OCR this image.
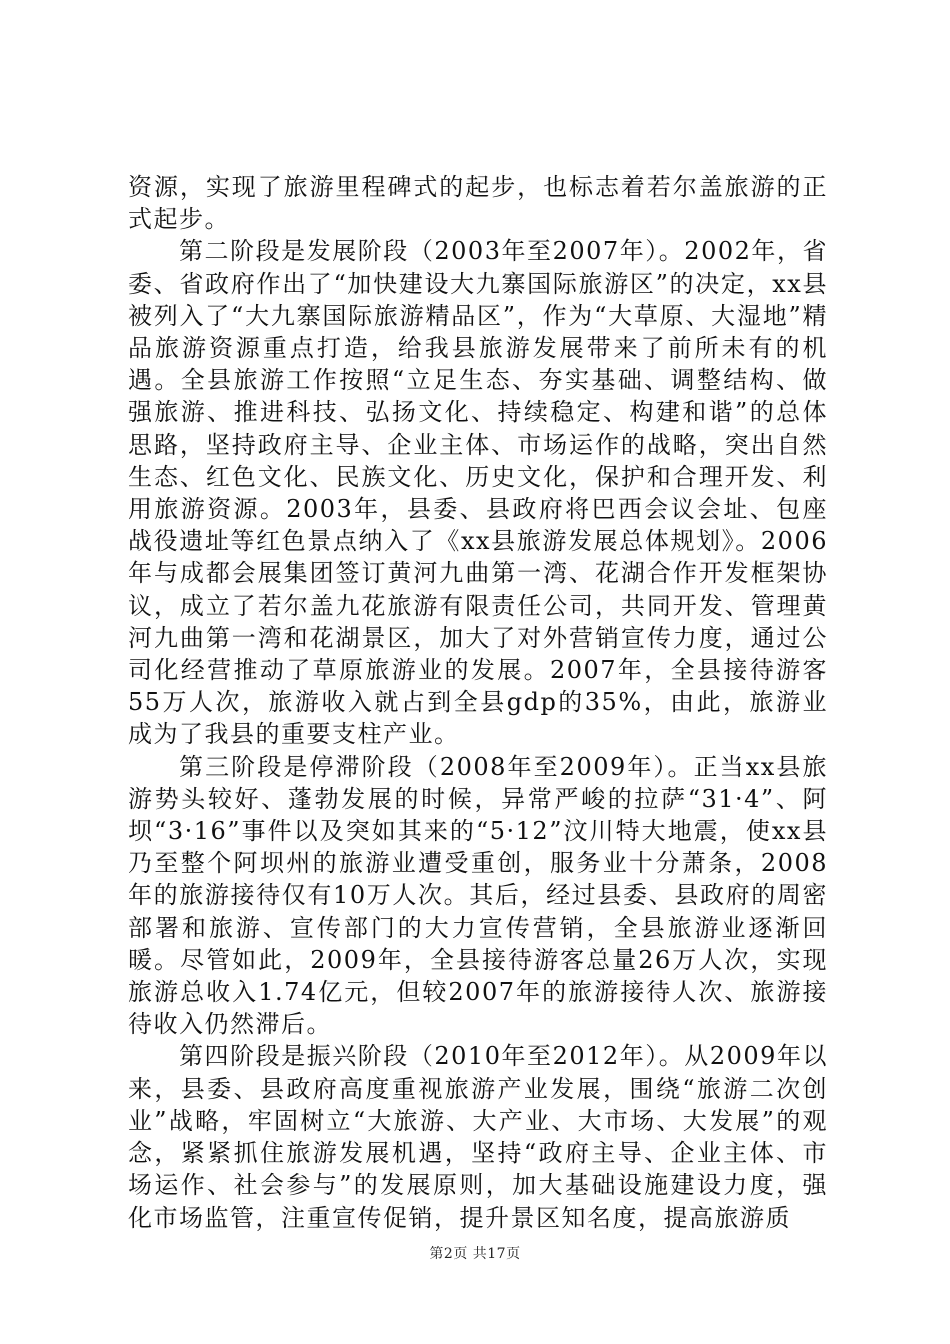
资源，实现了旅游里程碑式的起步，也标志着若尔盖旅游的正式起步。

第二阶段是发展阶段（2003年至2007年）。2002年，省委、省政府作出了“加快建设大九寨国际旅游区”的决定，xx县被列入了“大九寨国际旅游精品区”，作为“大草原、大湿地”精品旅游资源重点打造，给我县旅游发展带来了前所未有的机遇。全县旅游工作按照“立足生态、夯实基础、调整结构、做强旅游、推进科技、弘扬文化、持续稳定、构建和谐”的总体思路，坚持政府主导、企业主体、市场运作的战略，突出自然生态、红色文化、民族文化、历史文化，保护和合理开发、利用旅游资源。2003年，县委、县政府将巴西会议会址、包座战役遗址等红色景点纳入了《xx县旅游发展总体规划》。2006年与成都会展集团签订黄河九曲第一湾、花湖合作开发框架协议，成立了若尔盖九花旅游有限责任公司，共同开发、管理黄河九曲第一湾和花湖景区，加大了对外营销宣传力度，通过公司化经营推动了草原旅游业的发展。2007年，全县接待游客55万人次，旅游收入就占到全县gdp的35%，由此，旅游业成为了我县的重要支柱产业。

第三阶段是停滞阶段（2008年至2009年）。正当xx县旅游势头较好、蓬勃发展的时候，异常严峻的拉萨“31·4”、阿坝“3·16”事件以及突如其来的“5·12”汶川特大地震，使xx县乃至整个阿坝州的旅游业遭受重创，服务业十分萧条，2008年的旅游接待仅有10万人次。其后，经过县委、县政府的周密部署和旅游、宣传部门的大力宣传营销，全县旅游业逐渐回暖。尽管如此，2009年，全县接待游客总量26万人次，实现旅游总收入1.74亿元，但较2007年的旅游接待人次、旅游接待收入仍然滞后。

第四阶段是振兴阶段（2010年至2012年）。从2009年以来，县委、县政府高度重视旅游产业发展，围绕“旅游二次创业”战略，牢固树立“大旅游、大产业、大市场、大发展”的观念，紧紧抓住旅游发展机遇，坚持“政府主导、企业主体、市场运作、社会参与”的发展原则，加大基础设施建设力度，强化市场监管，注重宣传促销，提升景区知名度，提高旅游质

第2页 共17页
